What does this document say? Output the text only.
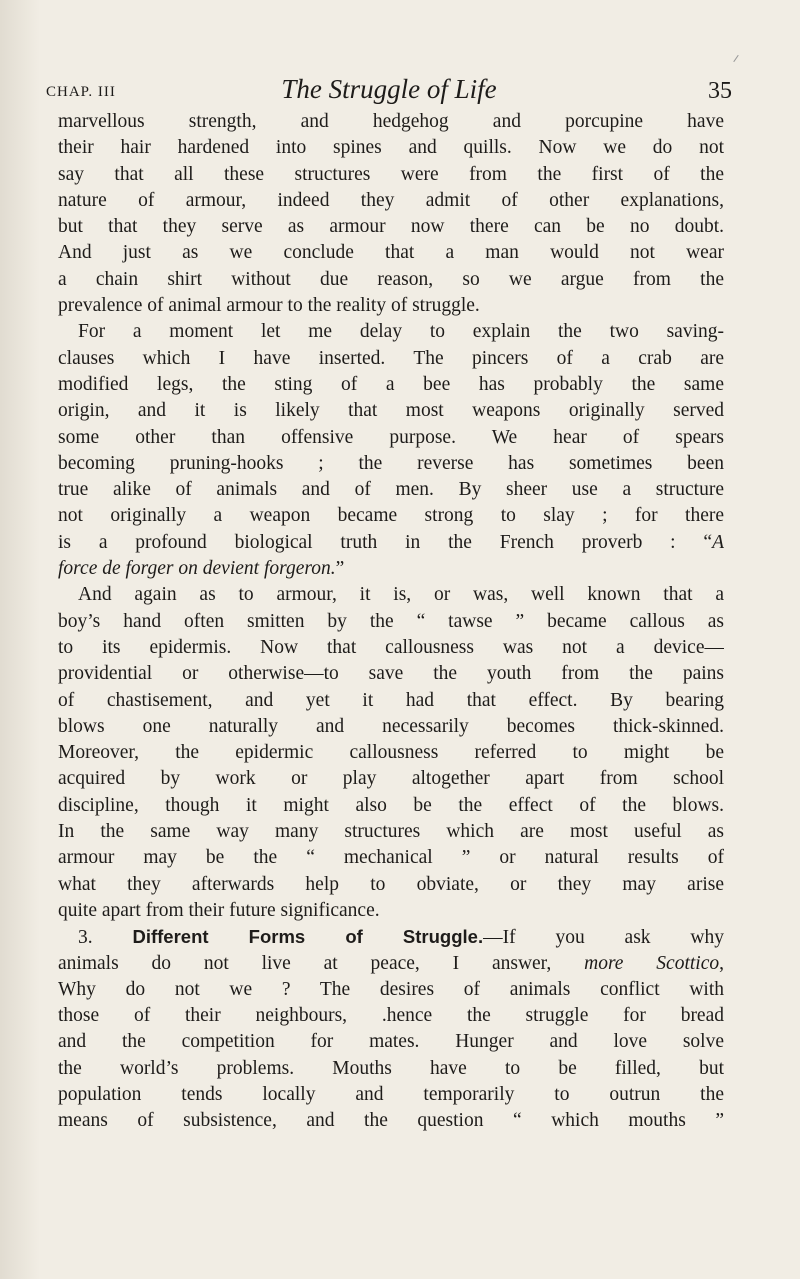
CHAP. III	The Struggle of Life	35
marvellous strength, and hedgehog and porcupine have
their hair hardened into spines and quills. Now we do not
say that all these structures were from the first of the
nature of armour, indeed they admit of other explanations,
but that they serve as armour now there can be no doubt.
And just as we conclude that a man would not wear
a chain shirt without due reason, so we argue from the
prevalence of animal armour to the reality of struggle.
For a moment let me delay to explain the two saving-
clauses which I have inserted. The pincers of a crab are
modified legs, the sting of a bee has probably the same
origin, and it is likely that most weapons originally served
some other than offensive purpose. We hear of spears
becoming pruning-hooks ; the reverse has sometimes been
true alike of animals and of men. By sheer use a structure
not originally a weapon became strong to slay ; for there
is a profound biological truth in the French proverb : “A
force de forger on devient forgeron.”
And again as to armour, it is, or was, well known that a
boy’s hand often smitten by the “ tawse ” became callous as
to its epidermis. Now that callousness was not a device—
providential or otherwise—to save the youth from the pains
of chastisement, and yet it had that effect. By bearing
blows one naturally and necessarily becomes thick-skinned.
Moreover, the epidermic callousness referred to might be
acquired by work or play altogether apart from school
discipline, though it might also be the effect of the blows.
In the same way many structures which are most useful as
armour may be the “ mechanical ” or natural results of
what they afterwards help to obviate, or they may arise
quite apart from their future significance.
3. Different Forms of Struggle.—If you ask why
animals do not live at peace, I answer, more Scottico,
Why do not we ? The desires of animals conflict with
those of their neighbours, .hence the struggle for bread
and the competition for mates. Hunger and love solve
the world’s problems. Mouths have to be filled, but
population tends locally and temporarily to outrun the
means of subsistence, and the question “ which mouths ”
